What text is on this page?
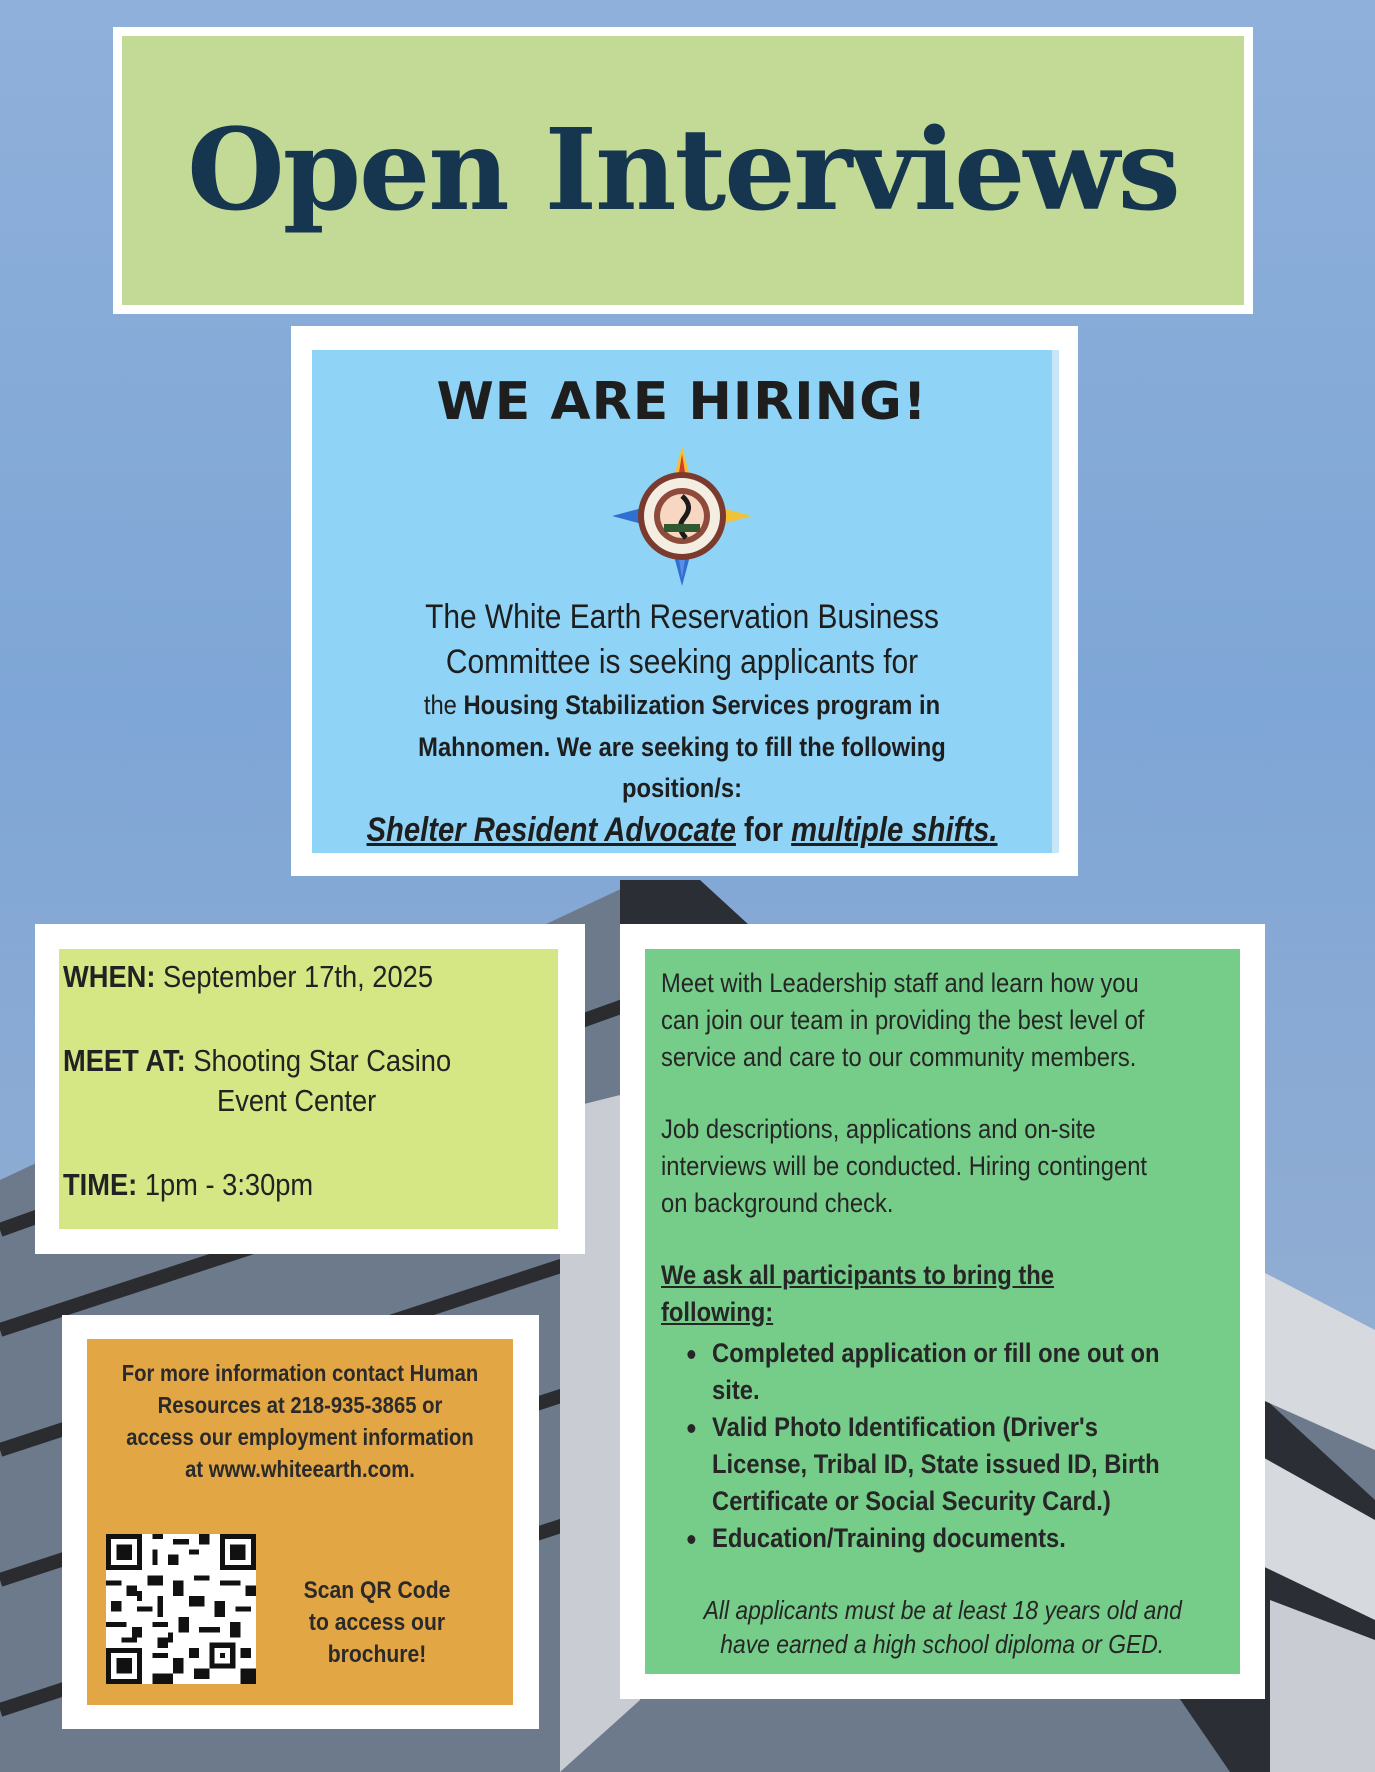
Open Interviews
WE ARE HIRING!
The White Earth Reservation Business
Committee is seeking applicants for
the Housing Stabilization Services program in
Mahnomen. We are seeking to fill the following
position/s:
Shelter Resident Advocate for multiple shifts.
WHEN: September 17th, 2025
MEET AT: Shooting Star Casino
Event Center
TIME: 1pm - 3:30pm
For more information contact Human
Resources at 218-935-3865 or
access our employment information
at www.whiteearth.com.
Scan QR Code
to access our
brochure!
Meet with Leadership staff and learn how you
can join our team in providing the best level of
service and care to our community members.
Job descriptions, applications and on-site
interviews will be conducted. Hiring contingent
on background check.
We ask all participants to bring the
following:
Completed application or fill one out on
site.
Valid Photo Identification (Driver's
License, Tribal ID, State issued ID, Birth
Certificate or Social Security Card.)
Education/Training documents.
All applicants must be at least 18 years old and
have earned a high school diploma or GED.
